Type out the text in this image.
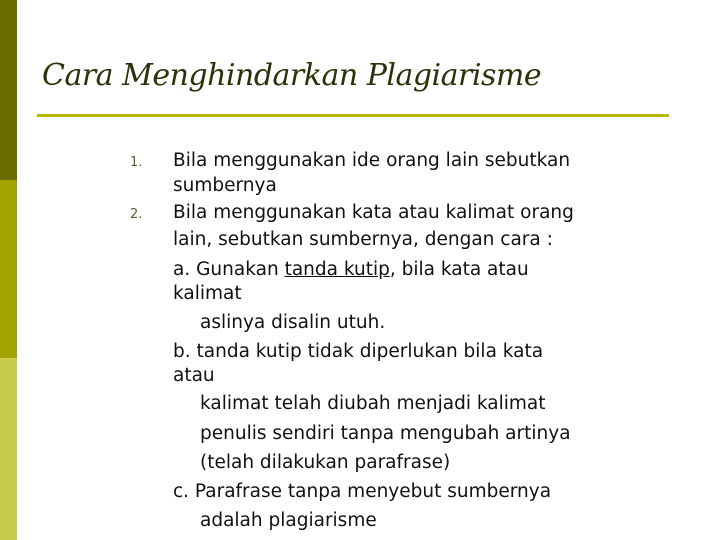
Cara Menghindarkan Plagiarisme
1. Bila menggunakan ide orang lain sebutkan
sumbernya
2. Bila menggunakan kata atau kalimat orang
lain, sebutkan sumbernya, dengan cara :
a. Gunakan tanda kutip, bila kata atau
kalimat
aslinya disalin utuh.
b. tanda kutip tidak diperlukan bila kata
atau
kalimat telah diubah menjadi kalimat
penulis sendiri tanpa mengubah artinya
(telah dilakukan parafrase)
c. Parafrase tanpa menyebut sumbernya
adalah plagiarisme
